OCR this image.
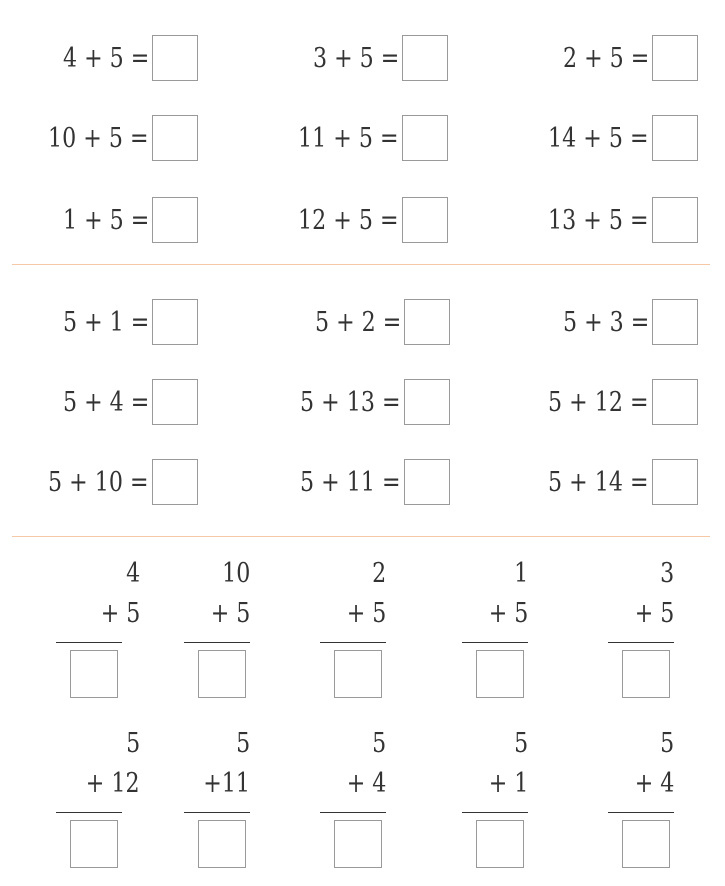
4 + 5 =	3 + 5 =	2 + 5 =
10 + 5 =	11 + 5 =	14 + 5 =
1 + 5 =	12 + 5 =	13 + 5 =
5 + 1 =	5 + 2 =	5 + 3 =
5 + 4 =	5 + 13 =	5 + 12 =
5 + 10 =	5 + 11 =	5 + 14 =
4
+ 5
10
+ 5
2
+ 5
1
+ 5
3
+ 5
5
+ 12
5
+11
5
+ 4
5
+ 1
5
+ 4
